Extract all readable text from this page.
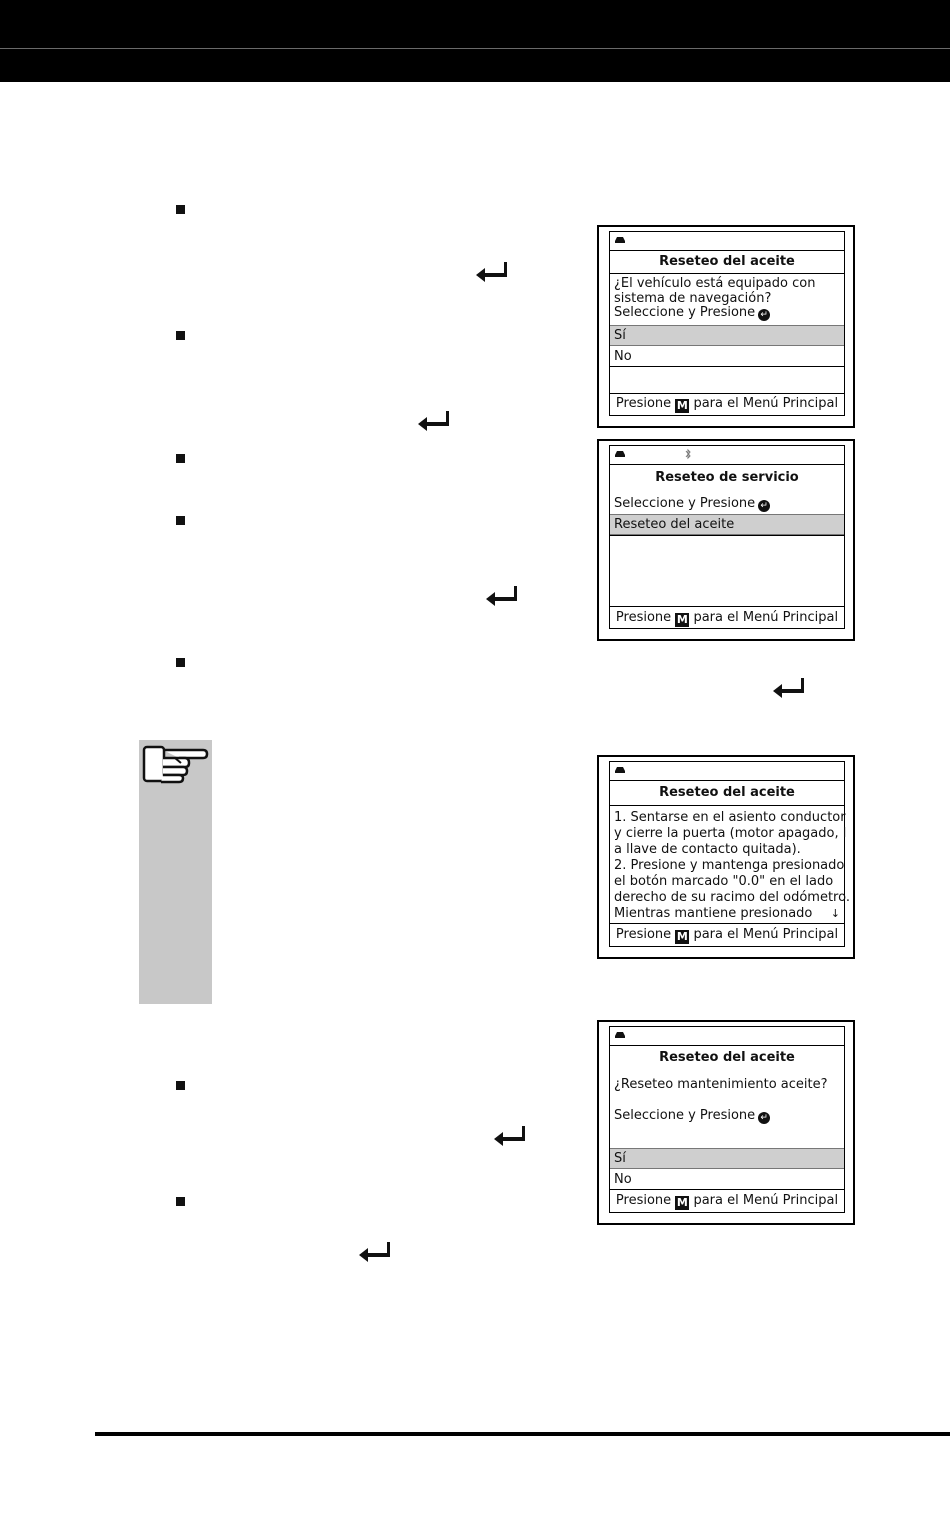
Reseteo del aceite
¿El vehículo está equipado con
sistema de navegación?
Seleccione y Presione ↵
Sí
No
Presione M para el Menú Principal
Reseteo de servicio
Seleccione y Presione ↵
Reseteo del aceite
Presione M para el Menú Principal
Reseteo del aceite
1. Sentarse en el asiento conductor
y cierre la puerta (motor apagado, l
a llave de contacto quitada).
2. Presione y mantenga presionado
el botón marcado "0.0" en el lado
derecho de su racimo del odómetro.
Mientras mantiene presionado	↓
Presione M para el Menú Principal
Reseteo del aceite
¿Reseteo mantenimiento aceite?
Seleccione y Presione ↵
Sí
No
Presione M para el Menú Principal
